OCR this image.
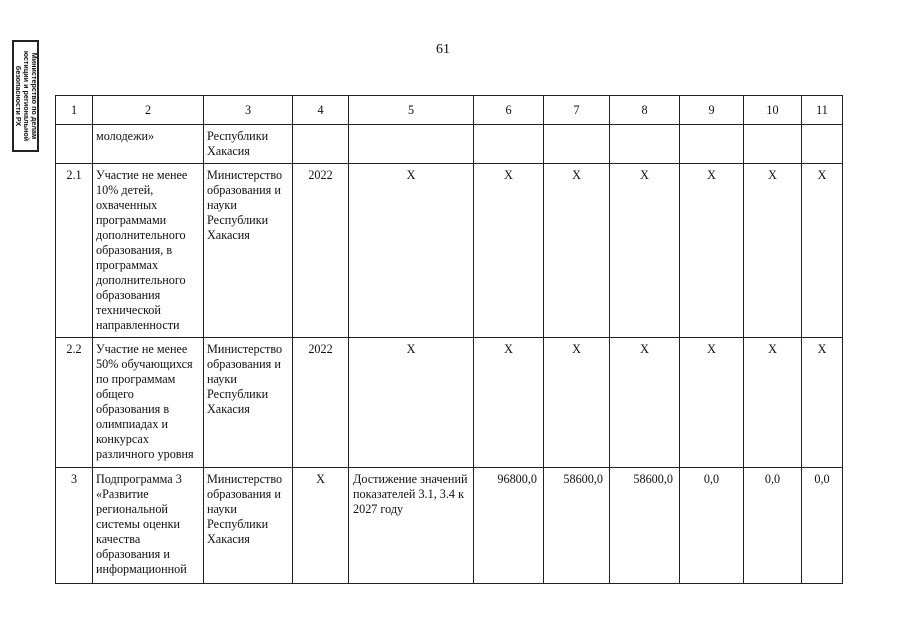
Министерство по делам
юстиции и региональной
безопасности РХ
61
1	2	3	4	5	6	7	8	9	10	11
	молодежи»	Республики Хакасия								
2.1	Участие не менее 10% детей, охваченных программами дополнительного образования, в программах дополнительного образования технической направленности	Министерство образования и науки Республики Хакасия	2022	Х	Х	Х	Х	Х	Х	Х
2.2	Участие не менее 50% обучающихся по программам общего образования в олимпиадах и конкурсах различного уровня	Министерство образования и науки Республики Хакасия	2022	Х	Х	Х	Х	Х	Х	Х
3	Подпрограмма 3 «Развитие региональной системы оценки качества образования и информационной	Министерство образования и науки Республики Хакасия	Х	Достижение значений показателей 3.1, 3.4 к 2027 году	96800,0	58600,0	58600,0	0,0	0,0	0,0
